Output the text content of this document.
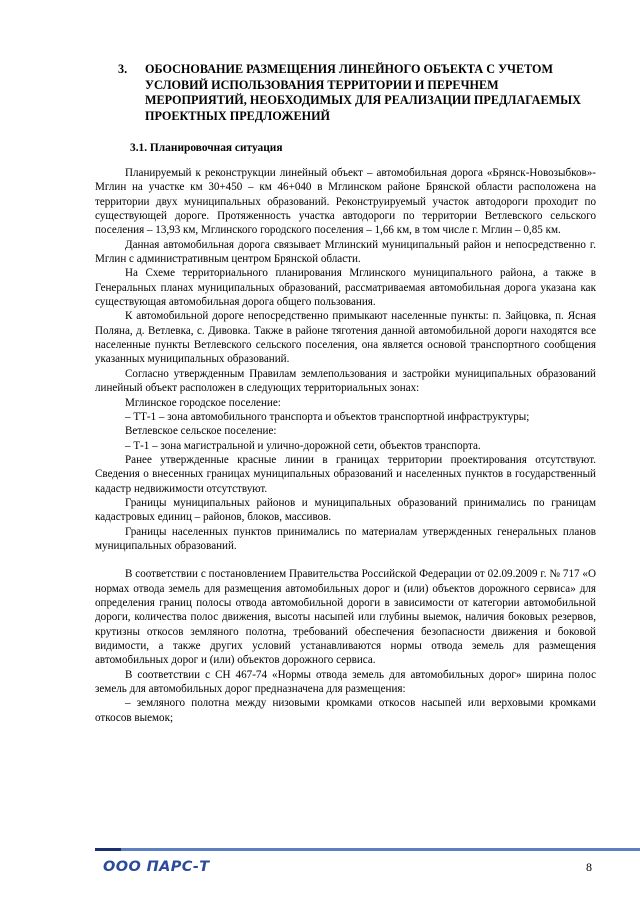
3. ОБОСНОВАНИЕ РАЗМЕЩЕНИЯ ЛИНЕЙНОГО ОБЪЕКТА С УЧЕТОМ УСЛОВИЙ ИСПОЛЬЗОВАНИЯ ТЕРРИТОРИИ И ПЕРЕЧНЕМ МЕРОПРИЯТИЙ, НЕОБХОДИМЫХ ДЛЯ РЕАЛИЗАЦИИ ПРЕДЛАГАЕМЫХ ПРОЕКТНЫХ ПРЕДЛОЖЕНИЙ
3.1. Планировочная ситуация

Планируемый к реконструкции линейный объект – автомобильная дорога «Брянск-Новозыбков»-Мглин на участке км 30+450 – км 46+040 в Мглинском районе Брянской области расположена на территории двух муниципальных образований. Реконструируемый участок автодороги проходит по существующей дороге. Протяженность участка автодороги по территории Ветлевского сельского поселения – 13,93 км, Мглинского городского поселения – 1,66 км, в том числе г. Мглин – 0,85 км.

Данная автомобильная дорога связывает Мглинский муниципальный район и непосредственно г. Мглин с административным центром Брянской области.

На Схеме территориального планирования Мглинского муниципального района, а также в Генеральных планах муниципальных образований, рассматриваемая автомобильная дорога указана как существующая автомобильная дорога общего пользования.

К автомобильной дороге непосредственно примыкают населенные пункты: п. Зайцовка, п. Ясная Поляна, д. Ветлевка, с. Дивовка. Также в районе тяготения данной автомобильной дороги находятся все населенные пункты Ветлевского сельского поселения, она является основой транспортного сообщения указанных муниципальных образований.

Согласно утвержденным Правилам землепользования и застройки муниципальных образований линейный объект расположен в следующих территориальных зонах:

Мглинское городское поселение:

– ТТ-1 – зона автомобильного транспорта и объектов транспортной инфраструктуры;

Ветлевское сельское поселение:

– Т-1 – зона магистральной и улично-дорожной сети, объектов транспорта.

Ранее утвержденные красные линии в границах территории проектирования отсутствуют. Сведения о внесенных границах муниципальных образований и населенных пунктов в государственный кадастр недвижимости отсутствуют.

Границы муниципальных районов и муниципальных образований принимались по границам кадастровых единиц – районов, блоков, массивов.

Границы населенных пунктов принимались по материалам утвержденных генеральных планов муниципальных образований.

В соответствии с постановлением Правительства Российской Федерации от 02.09.2009 г. № 717 «О нормах отвода земель для размещения автомобильных дорог и (или) объектов дорожного сервиса» для определения границ полосы отвода автомобильной дороги в зависимости от категории автомобильной дороги, количества полос движения, высоты насыпей или глубины выемок, наличия боковых резервов, крутизны откосов земляного полотна, требований обеспечения безопасности движения и боковой видимости, а также других условий устанавливаются нормы отвода земель для размещения автомобильных дорог и (или) объектов дорожного сервиса.

В соответствии с СН 467-74 «Нормы отвода земель для автомобильных дорог» ширина полос земель для автомобильных дорог предназначена для размещения:

– земляного полотна между низовыми кромками откосов насыпей или верховыми кромками откосов выемок;

ООО ПАРС-Т	8
